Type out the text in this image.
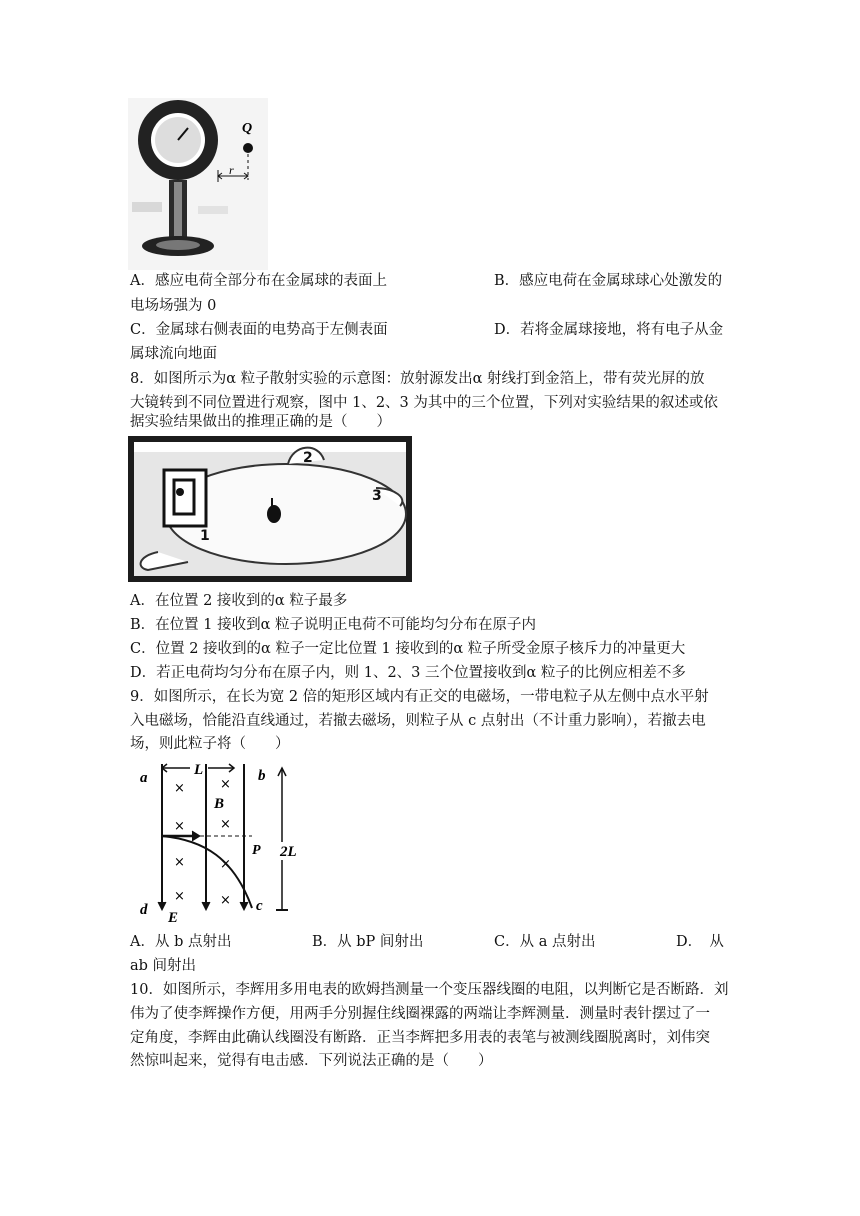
Q
r
A．感应电荷全部分布在金属球的表面上	B．感应电荷在金属球球心处激发的
电场场强为 0
C．金属球右侧表面的电势高于左侧表面	D．若将金属球接地，将有电子从金
属球流向地面
8．如图所示为α 粒子散射实验的示意图：放射源发出α 射线打到金箔上，带有荧光屏的放
大镜转到不同位置进行观察，图中 1、2、3 为其中的三个位置，下列对实验结果的叙述或依
据实验结果做出的推理正确的是（　　）
1
2
3
A．在位置 2 接收到的α 粒子最多
B．在位置 1 接收到α 粒子说明正电荷不可能均匀分布在原子内
C．位置 2 接收到的α 粒子一定比位置 1 接收到的α 粒子所受金原子核斥力的冲量更大
D．若正电荷均匀分布在原子内，则 1、2、3 三个位置接收到α 粒子的比例应相差不多
9．如图所示，在长为宽 2 倍的矩形区域内有正交的电磁场，一带电粒子从左侧中点水平射
入电磁场，恰能沿直线通过，若撤去磁场，则粒子从 c 点射出（不计重力影响），若撤去电
场，则此粒子将（　　）
a	b
L
×	×
×	×
×	×
×	×
B
P
c
d E
2L
A．从 b 点射出	B．从 bP 间射出	C．从 a 点射出	D．　从
ab 间射出
10．如图所示，李辉用多用电表的欧姆挡测量一个变压器线圈的电阻，以判断它是否断路．刘
伟为了使李辉操作方便，用两手分别握住线圈裸露的两端让李辉测量．测量时表针摆过了一
定角度，李辉由此确认线圈没有断路．正当李辉把多用表的表笔与被测线圈脱离时，刘伟突
然惊叫起来，觉得有电击感．下列说法正确的是（　　）
